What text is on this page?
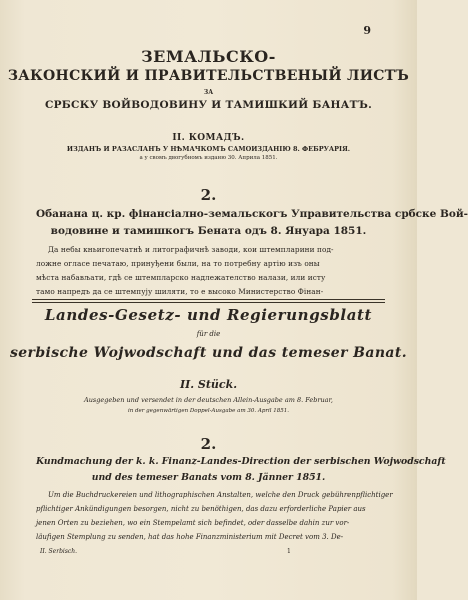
9
ЗЕМАЛЬСКО-
ЗАКОНСКИЙ И ПРАВИТЕЛЬСТВЕНЫЙ ЛИСТЪ
ЗА
СРБСКУ ВОЙВОДОВИНУ И ТАМИШКИЙ БАНАТЪ.
II. КОМАДЪ.
ИЗДАНЪ И РАЗАСЛАНЪ У НѢМАЧКОМЪ САМОИЗДАНІЮ 8. ФЕБРУАРІЯ.
а у свомъ двогубномъ изданю 30. Априла 1851.
2.
Обанана ц. кр. фінансіално-земальскогъ Управительства србске Вой-
водовине и тамишкогъ Бената одъ 8. Януара 1851.
Да небы кньигопечатнѣ и литографичнѣ заводи, кои штемпларини под-
ложне огласе печатаю, принуђени были, на то потребну артію изъ оны
мѣста набављати, гдѣ се штемпларско надлежателство налази, или исту
тамо напредъ да се штемпују шиляти, то е высоко Министерство Фінан-
Landes-Gesetz- und Regierungsblatt
für die
serbische Wojwodschaft und das temeser Banat.
II. Stück.
Ausgegeben und versendet in der deutschen Allein-Ausgabe am 8. Februar,
in der gegenwärtigen Doppel-Ausgabe am 30. April 1851.
2.
Kundmachung der k. k. Finanz-Landes-Direction der serbischen Wojwodschaft
und des temeser Banats vom 8. Jänner 1851.
Um die Buchdruckereien und lithographischen Anstalten, welche den Druck gebührenpflichtiger
pflichtiger Ankündigungen besorgen, nicht zu benöthigen, das dazu erforderliche Papier aus
jenen Orten zu beziehen, wo ein Stempelamt sich befindet, oder dasselbe dahin zur vor-
läufigen Stemplung zu senden, hat das hohe Finanzministerium mit Decret vom 3. De-
II. Serbisch.	1
